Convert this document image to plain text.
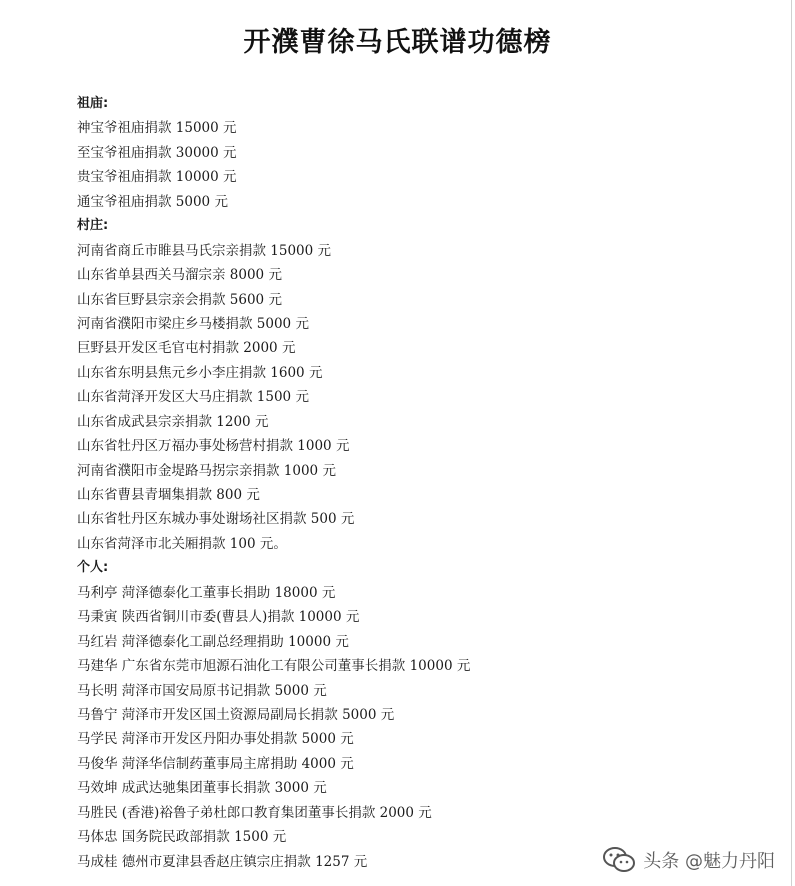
开濮曹徐马氏联谱功德榜
祖庙:
神宝爷祖庙捐款 15000 元
至宝爷祖庙捐款 30000 元
贵宝爷祖庙捐款 10000 元
通宝爷祖庙捐款 5000 元
村庄:
河南省商丘市睢县马氏宗亲捐款 15000 元
山东省单县西关马溜宗亲 8000 元
山东省巨野县宗亲会捐款 5600 元
河南省濮阳市梁庄乡马楼捐款 5000 元
巨野县开发区毛官屯村捐款 2000 元
山东省东明县焦元乡小李庄捐款 1600 元
山东省菏泽开发区大马庄捐款 1500 元
山东省成武县宗亲捐款 1200 元
山东省牡丹区万福办事处杨营村捐款 1000 元
河南省濮阳市金堤路马拐宗亲捐款 1000 元
山东省曹县青堌集捐款 800 元
山东省牡丹区东城办事处谢场社区捐款 500 元
山东省菏泽市北关厢捐款 100 元。
个人:
马利亭 菏泽德泰化工董事长捐助 18000 元
马秉寅 陕西省铜川市委(曹县人)捐款 10000 元
马红岩 菏泽德泰化工副总经理捐助 10000 元
马建华 广东省东莞市旭源石油化工有限公司董事长捐款 10000 元
马长明 菏泽市国安局原书记捐款 5000 元
马鲁宁 菏泽市开发区国土资源局副局长捐款 5000 元
马学民 菏泽市开发区丹阳办事处捐款 5000 元
马俊华 菏泽华信制药董事局主席捐助 4000 元
马效坤 成武达驰集团董事长捐款 3000 元
马胜民 (香港)裕鲁子弟杜郎口教育集团董事长捐款 2000 元
马体忠 国务院民政部捐款 1500 元
马成桂 德州市夏津县香赵庄镇宗庄捐款 1257 元	头条 @魅力丹阳
